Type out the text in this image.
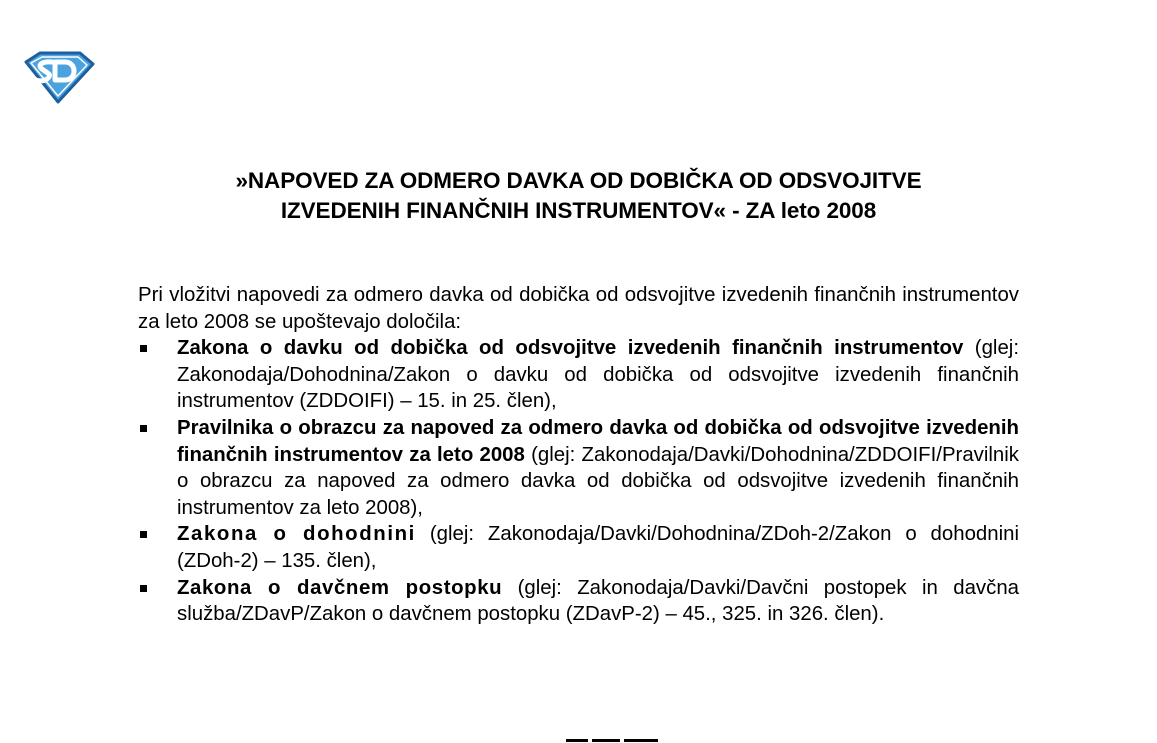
»NAPOVED ZA ODMERO DAVKA OD DOBIČKA OD ODSVOJITVE
IZVEDENIH FINANČNIH INSTRUMENTOV« - ZA leto 2008

Pri vložitvi napovedi za odmero davka od dobička od odsvojitve izvedenih finančnih instrumentov za leto 2008 se upoštevajo določila:

Zakona o davku od dobička od odsvojitve izvedenih finančnih instrumentov (glej: Zakonodaja/Dohodnina/Zakon o davku od dobička od odsvojitve izvedenih finančnih instrumentov (ZDDOIFI) – 15. in 25. člen),
Pravilnika o obrazcu za napoved za odmero davka od dobička od odsvojitve izvedenih finančnih instrumentov za leto 2008 (glej: Zakonodaja/Davki/Dohodnina/ZDDOIFI/Pravilnik o obrazcu za napoved za odmero davka od dobička od odsvojitve izvedenih finančnih instrumentov za leto 2008),
Zakona o dohodnini (glej: Zakonodaja/Davki/Dohodnina/ZDoh-2/Zakon o dohodnini (ZDoh-2) – 135. člen),
Zakona o davčnem postopku (glej: Zakonodaja/Davki/Davčni postopek in davčna služba/ZDavP/Zakon o davčnem postopku (ZDavP-2) – 45., 325. in 326. člen).
